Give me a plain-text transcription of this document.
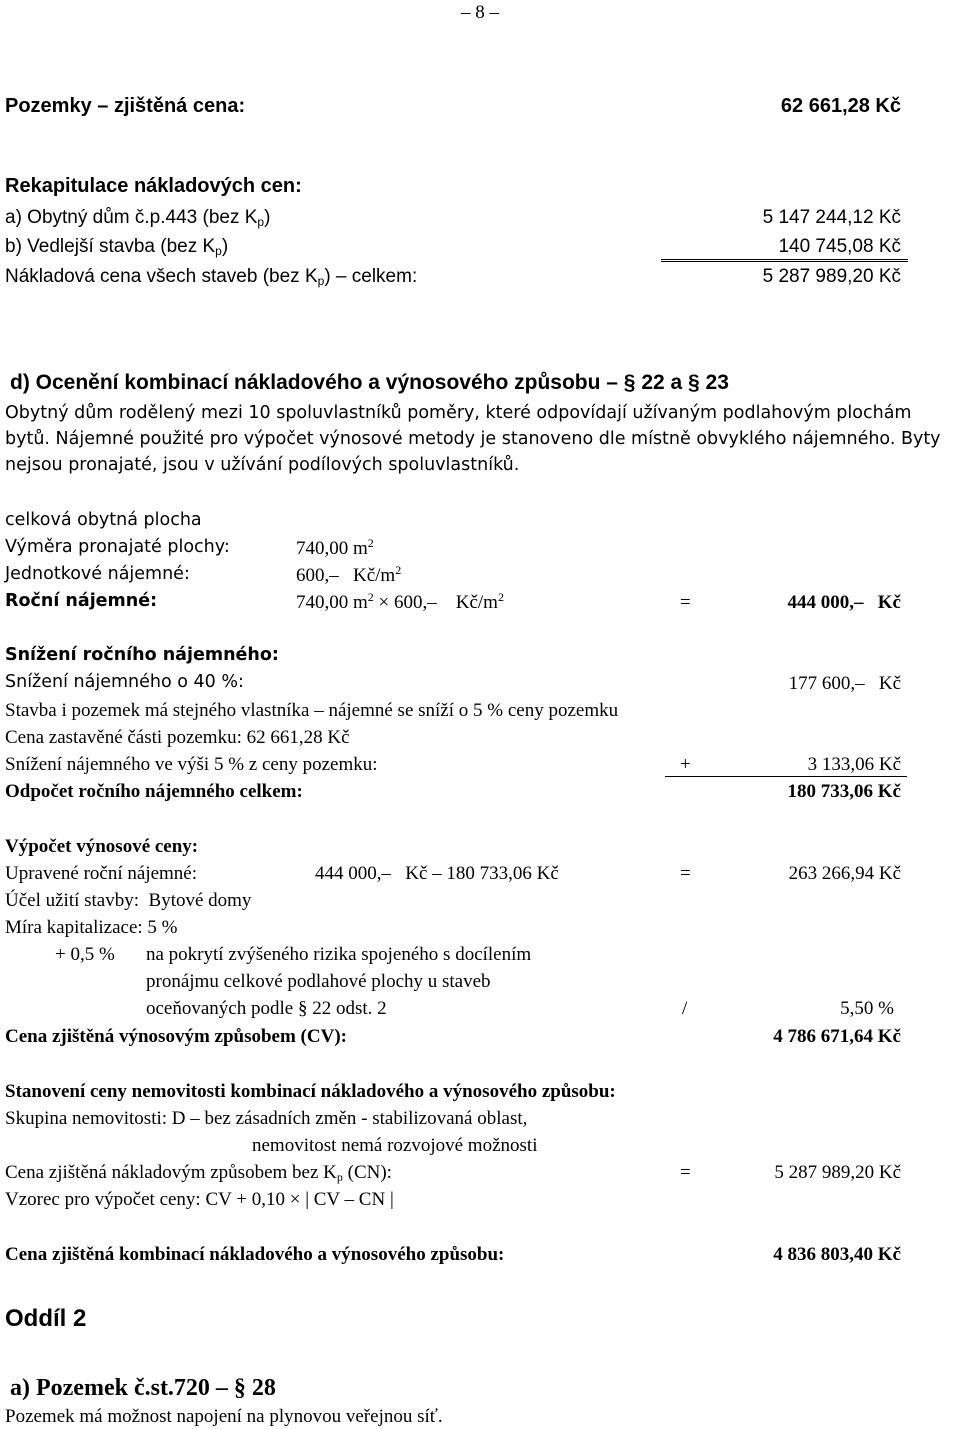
– 8 –
Pozemky – zjištěná cena:	62 661,28 Kč
Rekapitulace nákladových cen:
a) Obytný dům č.p.443 (bez $K_p$)	5 147 244,12 Kč
b) Vedlejší stavba (bez $K_p$)	140 745,08 Kč
Nákladová cena všech staveb (bez $K_p$) – celkem:	5 287 989,20 Kč
d) Ocenění kombinací nákladového a výnosového způsobu – § 22 a § 23
Obytný dům rodělený mezi 10 spoluvlastníků poměry, které odpovídají užívaným podlahovým plochám bytů. Nájemné použité pro výpočet výnosové metody je stanoveno dle místně obvyklého nájemného. Byty nejsou pronajaté, jsou v užívání podílových spoluvlastníků.
celková obytná plocha
Výměra pronajaté plochy:	740,00 $m^2$
Jednotkové nájemné:	600,– $Kč/m^2$
Roční nájemné:	740,00 $m^2 \times 600,-$ $Kč/m^2$	=	444 000,–   Kč
Snížení ročního nájemného:
Snížení nájemného o 40 %:	177 600,–   Kč
Stavba i pozemek má stejného vlastníka – nájemné se sníží o 5 % ceny pozemku
Cena zastavěné části pozemku: 62 661,28 Kč
Snížení nájemného ve výši 5 % z ceny pozemku:	+	3 133,06 Kč
Odpočet ročního nájemného celkem:	180 733,06 Kč
Výpočet výnosové ceny:
Upravené roční nájemné:	444 000,–   Kč – 180 733,06 Kč	=	263 266,94 Kč
Účel užití stavby:  Bytové domy
Míra kapitalizace: 5 %
+ 0,5 % na pokrytí zvýšeného rizika spojeného s docílením
pronájmu celkové podlahové plochy u staveb
oceňovaných podle § 22 odst. 2	/	5,50 %
Cena zjištěná výnosovým způsobem (CV):	4 786 671,64 Kč
Stanovení ceny nemovitosti kombinací nákladového a výnosového způsobu:
Skupina nemovitosti: D – bez zásadních změn - stabilizovaná oblast,
nemovitost nemá rozvojové možnosti
Cena zjištěná nákladovým způsobem bez $K_p$ (CN):	=	5 287 989,20 Kč
Vzorec pro výpočet ceny: CV + 0,10 × | CV – CN |
Cena zjištěná kombinací nákladového a výnosového způsobu:	4 836 803,40 Kč
Oddíl 2
a) Pozemek č.st.720 – § 28
Pozemek má možnost napojení na plynovou veřejnou síť.
